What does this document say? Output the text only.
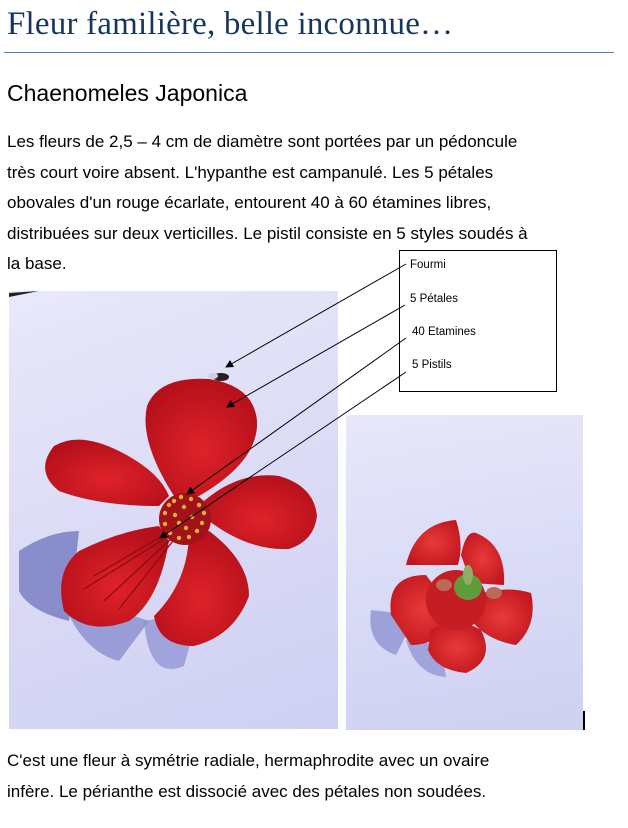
Fleur familière, belle inconnue…
Chaenomeles Japonica
Les fleurs de 2,5 – 4 cm de diamètre sont portées par un pédoncule
très court voire absent. L'hypanthe est campanulé. Les 5 pétales
obovales d'un rouge écarlate, entourent 40 à 60 étamines libres,
distribuées sur deux verticilles. Le pistil consiste en 5 styles soudés à
la base.	Fourmi
5 Pétales
40 Etamines
5 Pistils
C'est une fleur à symétrie radiale, hermaphrodite avec un ovaire
infère. Le périanthe est dissocié avec des pétales non soudées.
